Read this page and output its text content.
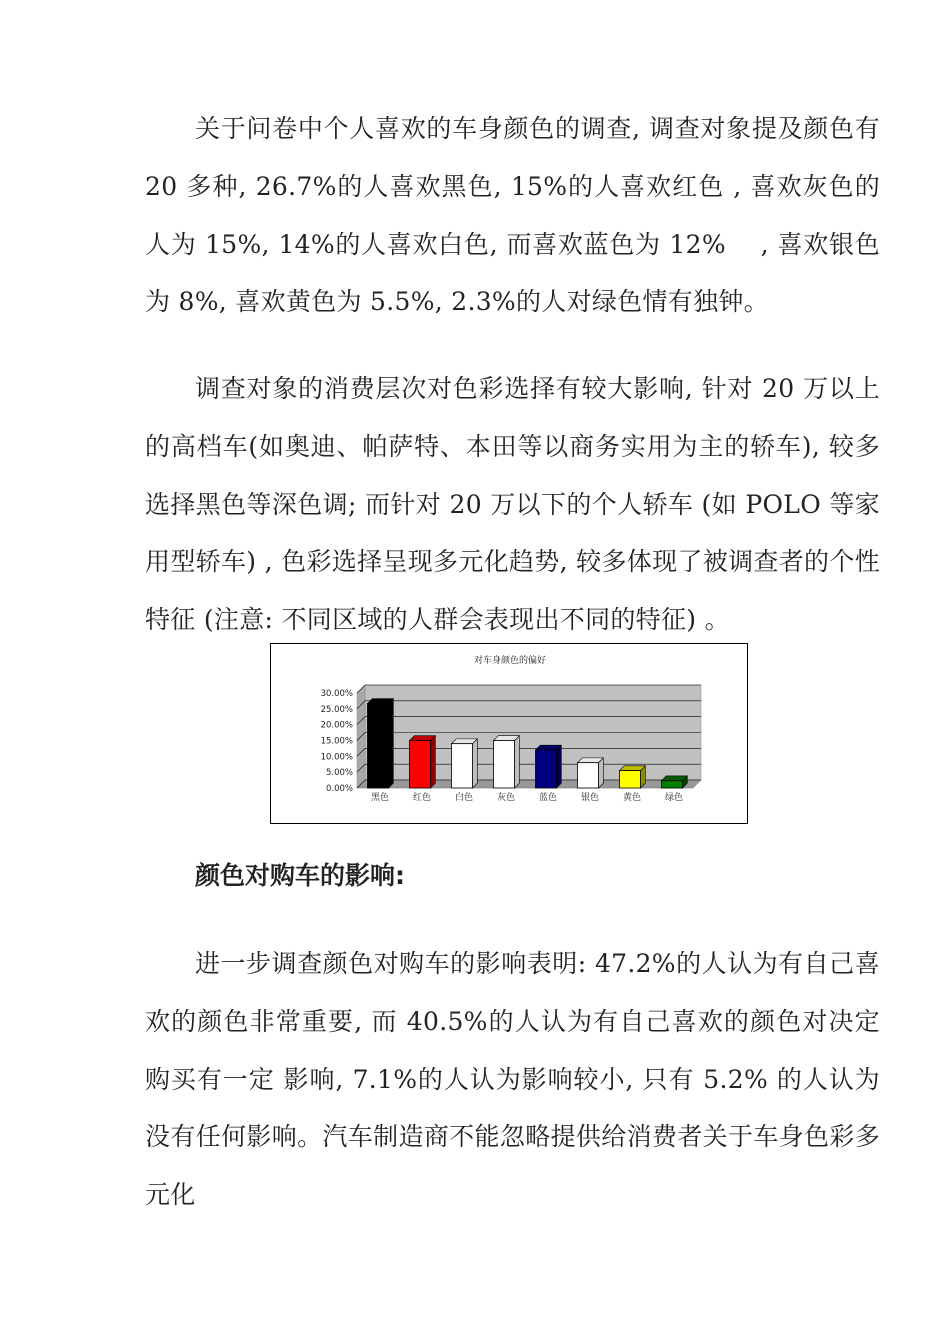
关于问卷中个人喜欢的车身颜色的调查, 调查对象提及颜色有 20 多种, 26.7%的人喜欢黑色, 15%的人喜欢红色 , 喜欢灰色的人为 15%, 14%的人喜欢白色, 而喜欢蓝色为 12%　 , 喜欢银色为 8%, 喜欢黄色为 5.5%, 2.3%的人对绿色情有独钟。

调查对象的消费层次对色彩选择有较大影响, 针对 20 万以上的高档车(如奥迪、帕萨特、本田等以商务实用为主的轿车), 较多选择黑色等深色调; 而针对 20 万以下的个人轿车 (如 POLO 等家用型轿车) , 色彩选择呈现多元化趋势, 较多体现了被调查者的个性特征 (注意: 不同区域的人群会表现出不同的特征) 。

对车身颜色的偏好
0.00%
5.00%
10.00%
15.00%
20.00%
25.00%
30.00%
黑色	红色	白色	灰色	蓝色	银色	黄色	绿色

颜色对购车的影响:

进一步调查颜色对购车的影响表明: 47.2%的人认为有自己喜欢的颜色非常重要, 而 40.5%的人认为有自己喜欢的颜色对决定购买有一定 影响, 7.1%的人认为影响较小, 只有 5.2% 的人认为没有任何影响。汽车制造商不能忽略提供给消费者关于车身色彩多元化
